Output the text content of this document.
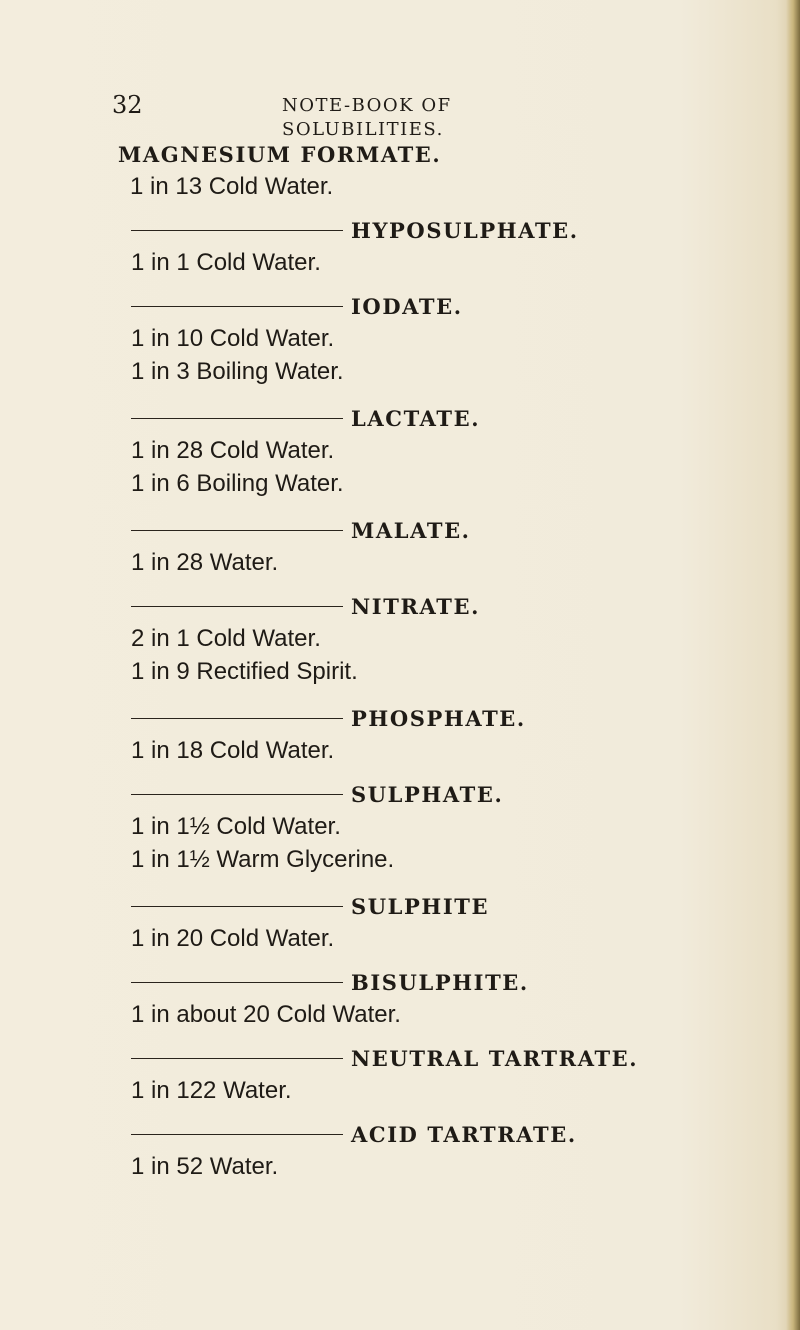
32	NOTE-BOOK OF SOLUBILITIES.
MAGNESIUM FORMATE.
1 in 13 Cold Water.
HYPOSULPHATE.
1 in 1 Cold Water.
IODATE.
1 in 10 Cold Water.
1 in 3 Boiling Water.
LACTATE.
1 in 28 Cold Water.
1 in 6 Boiling Water.
MALATE.
1 in 28 Water.
NITRATE.
2 in 1 Cold Water.
1 in 9 Rectified Spirit.
PHOSPHATE.
1 in 18 Cold Water.
SULPHATE.
1 in 1½ Cold Water.
1 in 1½ Warm Glycerine.
SULPHITE
1 in 20 Cold Water.
BISULPHITE.
1 in about 20 Cold Water.
NEUTRAL TARTRATE.
1 in 122 Water.
ACID TARTRATE.
1 in 52 Water.
